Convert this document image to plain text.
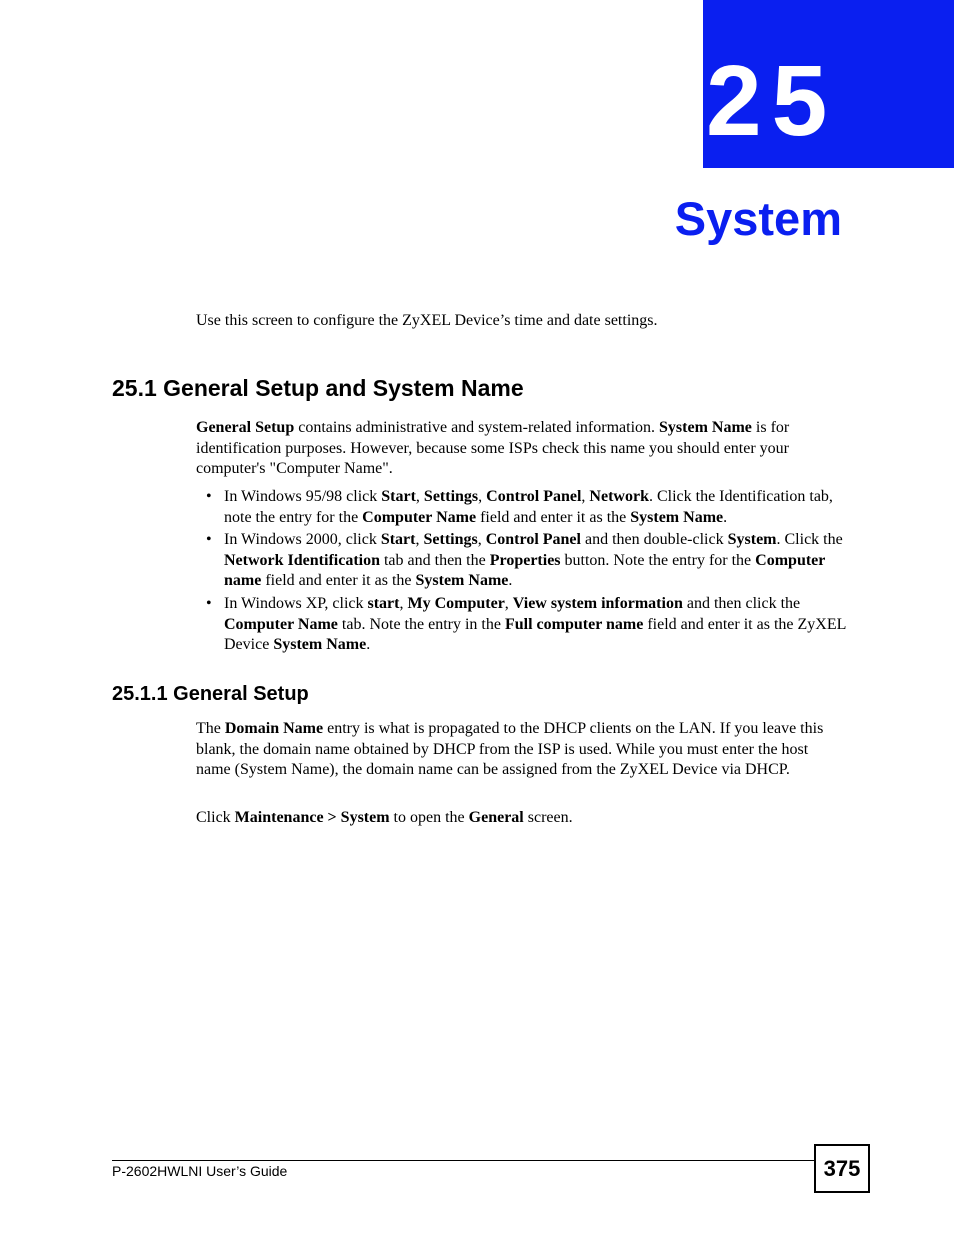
25
System
Use this screen to configure the ZyXEL Device’s time and date settings.
25.1 General Setup and System Name
General Setup contains administrative and system-related information. System Name is for identification purposes. However, because some ISPs check this name you should enter your computer's "Computer Name".
• In Windows 95/98 click Start, Settings, Control Panel, Network. Click the Identification tab, note the entry for the Computer Name field and enter it as the System Name.
• In Windows 2000, click Start, Settings, Control Panel and then double-click System. Click the Network Identification tab and then the Properties button. Note the entry for the Computer name field and enter it as the System Name.
• In Windows XP, click start, My Computer, View system information and then click the Computer Name tab. Note the entry in the Full computer name field and enter it as the ZyXEL Device System Name.
25.1.1 General Setup
The Domain Name entry is what is propagated to the DHCP clients on the LAN. If you leave this blank, the domain name obtained by DHCP from the ISP is used. While you must enter the host name (System Name), the domain name can be assigned from the ZyXEL Device via DHCP.
Click Maintenance > System to open the General screen.
P-2602HWLNI User’s Guide	375
